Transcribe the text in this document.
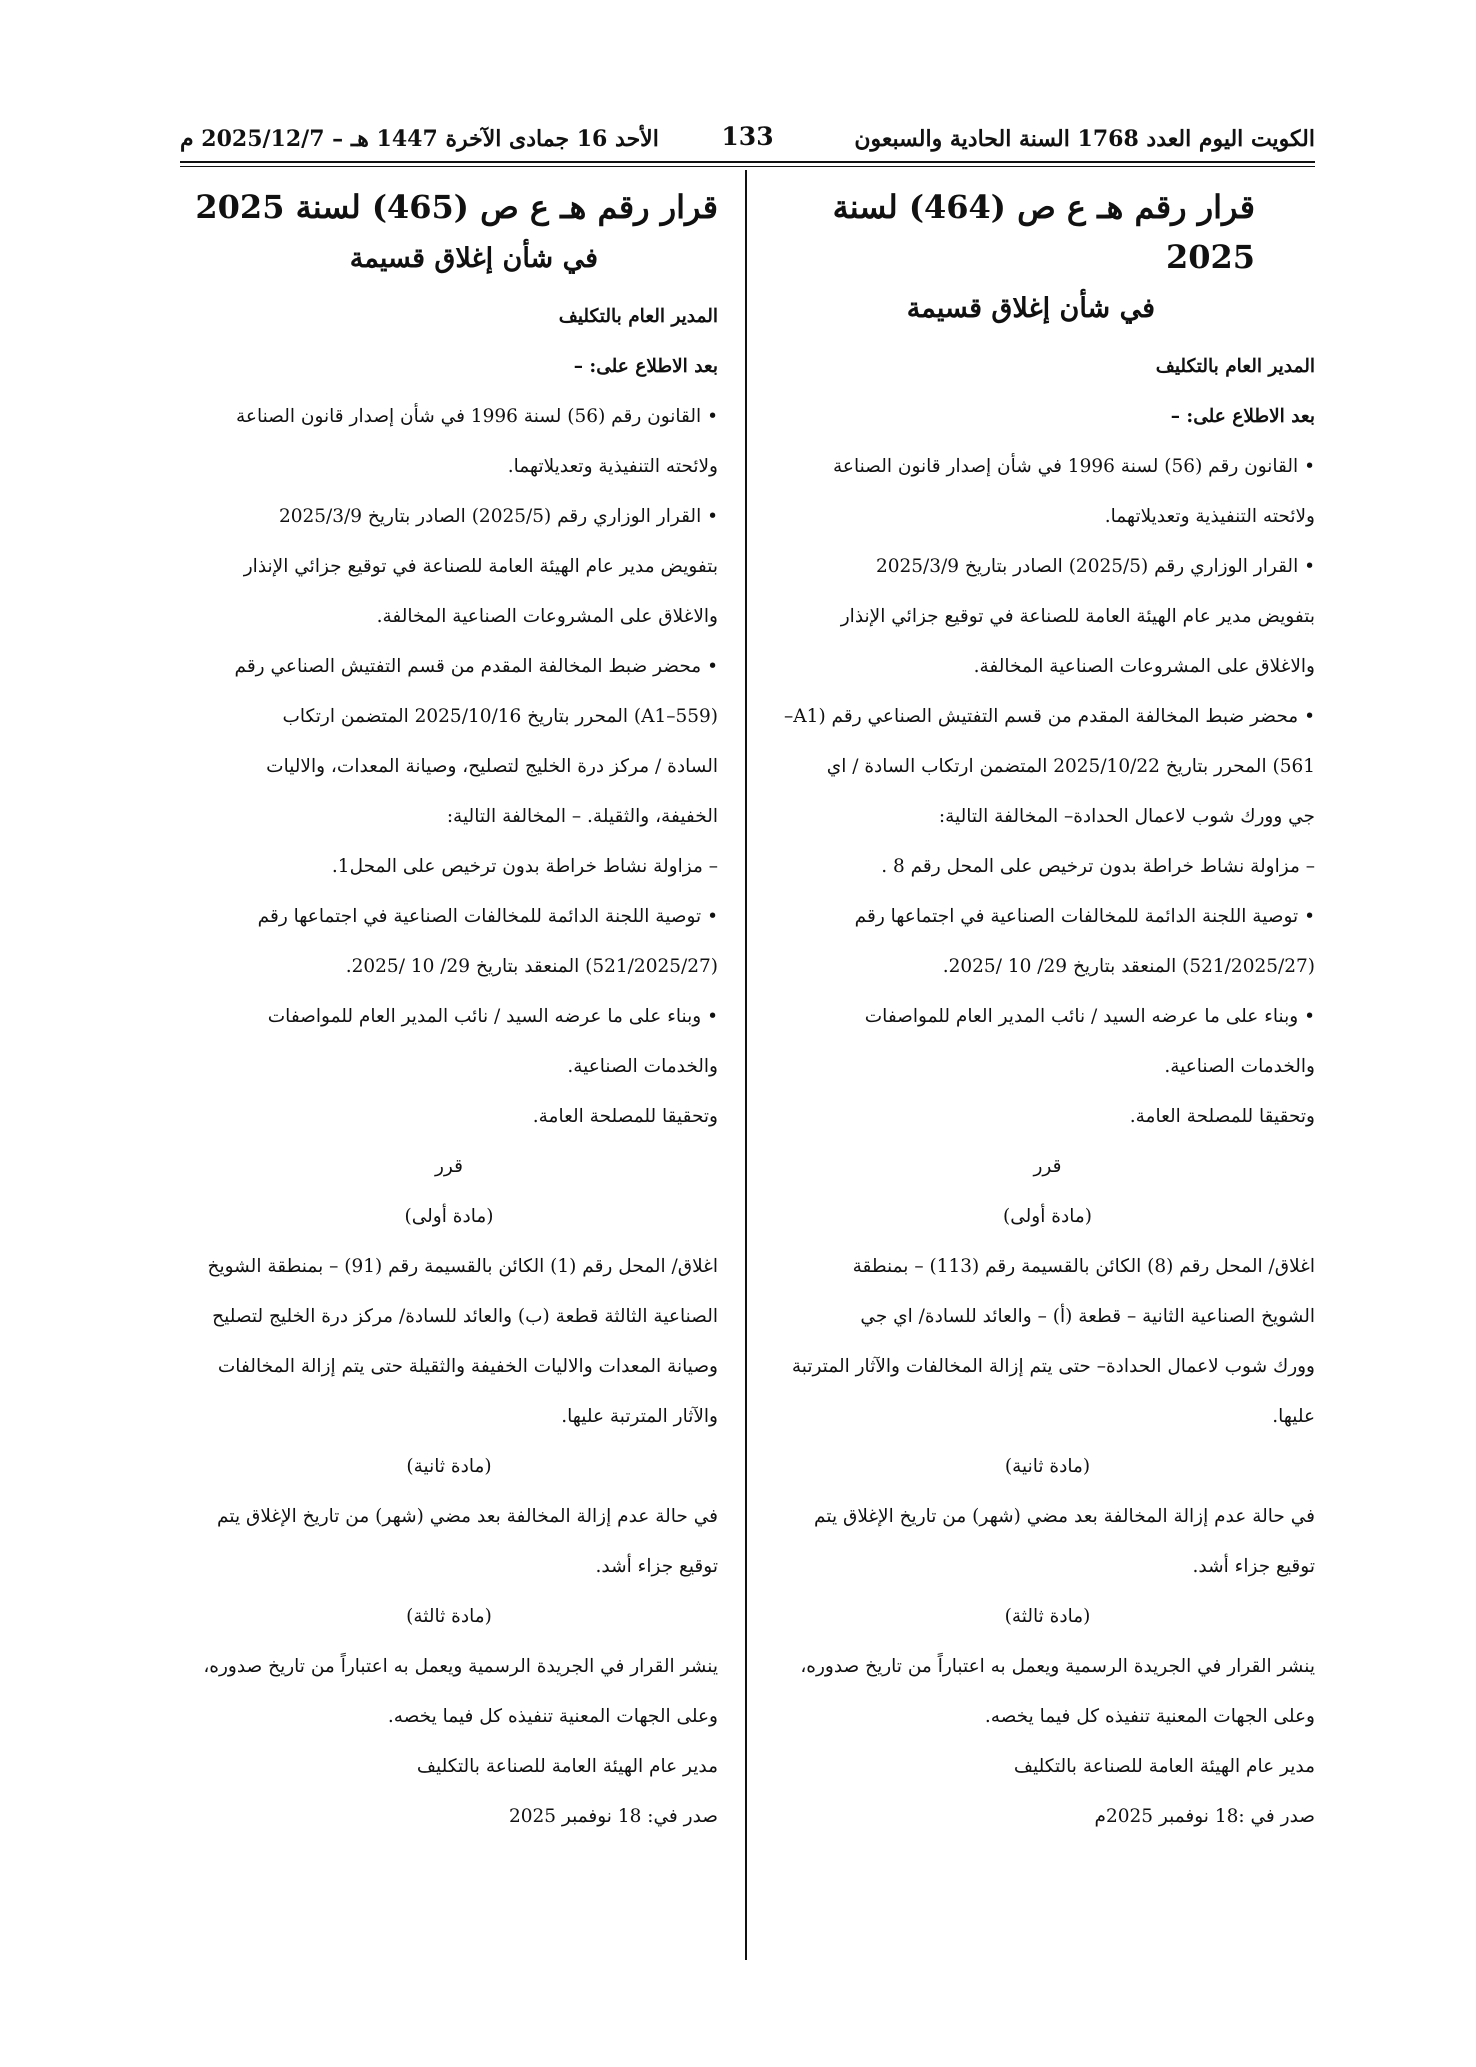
الكويت اليوم العدد 1768 السنة الحادية والسبعون
133
الأحد 16 جمادى الآخرة 1447 هـ – 2025/12/7 م
قرار رقم هـ ع ص (464) لسنة 2025
في شأن إغلاق قسيمة

المدير العام بالتكليف

بعد الاطلاع على: –

• القانون رقم (56) لسنة 1996 في شأن إصدار قانون الصناعة

ولائحته التنفيذية وتعديلاتهما.

• القرار الوزاري رقم (2025/5) الصادر بتاريخ 2025/3/9

بتفويض مدير عام الهيئة العامة للصناعة في توقيع جزائي الإنذار

والاغلاق على المشروعات الصناعية المخالفة.

• محضر ضبط المخالفة المقدم من قسم التفتيش الصناعي رقم (A1–

561) المحرر بتاريخ 2025/10/22 المتضمن ارتكاب السادة / اي

جي وورك شوب لاعمال الحدادة– المخالفة التالية:

– مزاولة نشاط خراطة بدون ترخيص على المحل رقم 8 .

• توصية اللجنة الدائمة للمخالفات الصناعية في اجتماعها رقم

(521/2025/27) المنعقد بتاريخ 29/ 10 /2025.

• وبناء على ما عرضه السيد / نائب المدير العام للمواصفات

والخدمات الصناعية.

وتحقيقا للمصلحة العامة.

قرر

(مادة أولى)

اغلاق/ المحل رقم (8) الكائن بالقسيمة رقم (113) – بمنطقة

الشويخ الصناعية الثانية – قطعة (أ) – والعائد للسادة/ اي جي

وورك شوب لاعمال الحدادة– حتى يتم إزالة المخالفات والآثار المترتبة

عليها.

(مادة ثانية)

في حالة عدم إزالة المخالفة بعد مضي (شهر) من تاريخ الإغلاق يتم

توقيع جزاء أشد.

(مادة ثالثة)

ينشر القرار في الجريدة الرسمية ويعمل به اعتباراً من تاريخ صدوره،

وعلى الجهات المعنية تنفيذه كل فيما يخصه.

مدير عام الهيئة العامة للصناعة بالتكليف

صدر في :18 نوفمبر 2025م

قرار رقم هـ ع ص (465) لسنة 2025
في شأن إغلاق قسيمة

المدير العام بالتكليف

بعد الاطلاع على: –

• القانون رقم (56) لسنة 1996 في شأن إصدار قانون الصناعة

ولائحته التنفيذية وتعديلاتهما.

• القرار الوزاري رقم (2025/5) الصادر بتاريخ 2025/3/9

بتفويض مدير عام الهيئة العامة للصناعة في توقيع جزائي الإنذار

والاغلاق على المشروعات الصناعية المخالفة.

• محضر ضبط المخالفة المقدم من قسم التفتيش الصناعي رقم

(A1–559) المحرر بتاريخ 2025/10/16 المتضمن ارتكاب

السادة / مركز درة الخليج لتصليح، وصيانة المعدات، والاليات

الخفيفة، والثقيلة. – المخالفة التالية:

– مزاولة نشاط خراطة بدون ترخيص على المحل1.

• توصية اللجنة الدائمة للمخالفات الصناعية في اجتماعها رقم

(521/2025/27) المنعقد بتاريخ 29/ 10 /2025.

• وبناء على ما عرضه السيد / نائب المدير العام للمواصفات

والخدمات الصناعية.

وتحقيقا للمصلحة العامة.

قرر

(مادة أولى)

اغلاق/ المحل رقم (1) الكائن بالقسيمة رقم (91) – بمنطقة الشويخ

الصناعية الثالثة قطعة (ب) والعائد للسادة/ مركز درة الخليج لتصليح

وصيانة المعدات والاليات الخفيفة والثقيلة حتى يتم إزالة المخالفات

والآثار المترتبة عليها.

(مادة ثانية)

في حالة عدم إزالة المخالفة بعد مضي (شهر) من تاريخ الإغلاق يتم

توقيع جزاء أشد.

(مادة ثالثة)

ينشر القرار في الجريدة الرسمية ويعمل به اعتباراً من تاريخ صدوره،

وعلى الجهات المعنية تنفيذه كل فيما يخصه.

مدير عام الهيئة العامة للصناعة بالتكليف

صدر في: 18 نوفمبر 2025
